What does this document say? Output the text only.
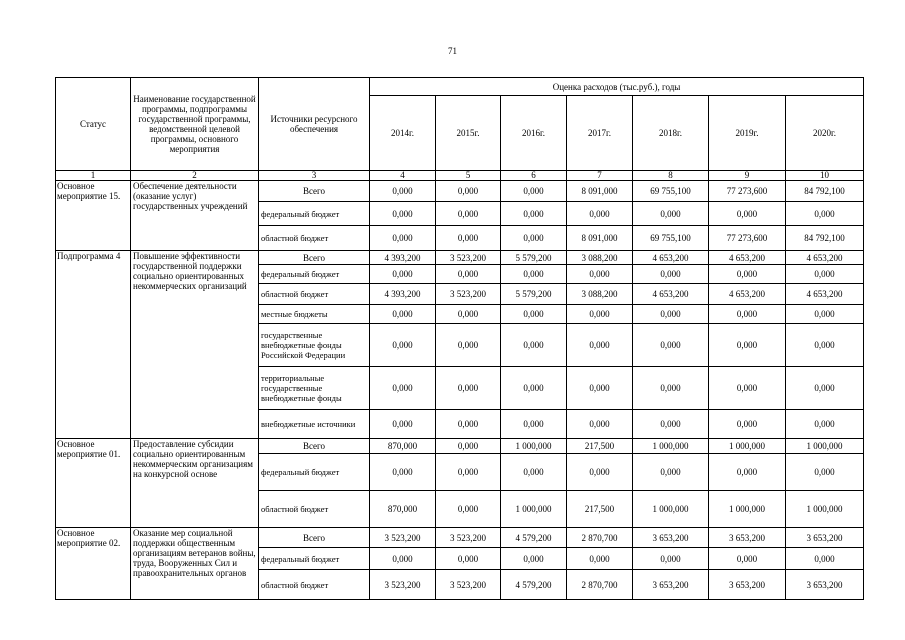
71
Статус	Наименование государственной программы, подпрограммы государственной программы, ведомственной целевой программы, основного мероприятия	Источники ресурсного обеспечения	Оценка расходов (тыс.руб.), годы						
			2014г.	2015г.	2016г.	2017г.	2018г.	2019г.	2020г.
1	2	3	4	5	6	7	8	9	10
Основное мероприятие 15.	Обеспечение деятельности (оказание услуг) государственных учреждений	Всего	0,000	0,000	0,000	8 091,000	69 755,100	77 273,600	84 792,100
		федеральный бюджет	0,000	0,000	0,000	0,000	0,000	0,000	0,000
		областной бюджет	0,000	0,000	0,000	8 091,000	69 755,100	77 273,600	84 792,100
Подпрограмма 4	Повышение эффективности государственной поддержки социально ориентированных некоммерческих организаций	Всего	4 393,200	3 523,200	5 579,200	3 088,200	4 653,200	4 653,200	4 653,200
		федеральный бюджет	0,000	0,000	0,000	0,000	0,000	0,000	0,000
		областной бюджет	4 393,200	3 523,200	5 579,200	3 088,200	4 653,200	4 653,200	4 653,200
		местные бюджеты	0,000	0,000	0,000	0,000	0,000	0,000	0,000
		государственные внебюджетные фонды Российской Федерации	0,000	0,000	0,000	0,000	0,000	0,000	0,000
		территориальные государственные внебюджетные фонды	0,000	0,000	0,000	0,000	0,000	0,000	0,000
		внебюджетные источники	0,000	0,000	0,000	0,000	0,000	0,000	0,000
Основное мероприятие 01.	Предоставление субсидии социально ориентированным некоммерческим организациям на конкурсной основе	Всего	870,000	0,000	1 000,000	217,500	1 000,000	1 000,000	1 000,000
		федеральный бюджет	0,000	0,000	0,000	0,000	0,000	0,000	0,000
		областной бюджет	870,000	0,000	1 000,000	217,500	1 000,000	1 000,000	1 000,000
Основное мероприятие 02.	Оказание мер социальной поддержки общественным организациям ветеранов войны, труда, Вооруженных Сил и правоохранительных органов	Всего	3 523,200	3 523,200	4 579,200	2 870,700	3 653,200	3 653,200	3 653,200
		федеральный бюджет	0,000	0,000	0,000	0,000	0,000	0,000	0,000
		областной бюджет	3 523,200	3 523,200	4 579,200	2 870,700	3 653,200	3 653,200	3 653,200
